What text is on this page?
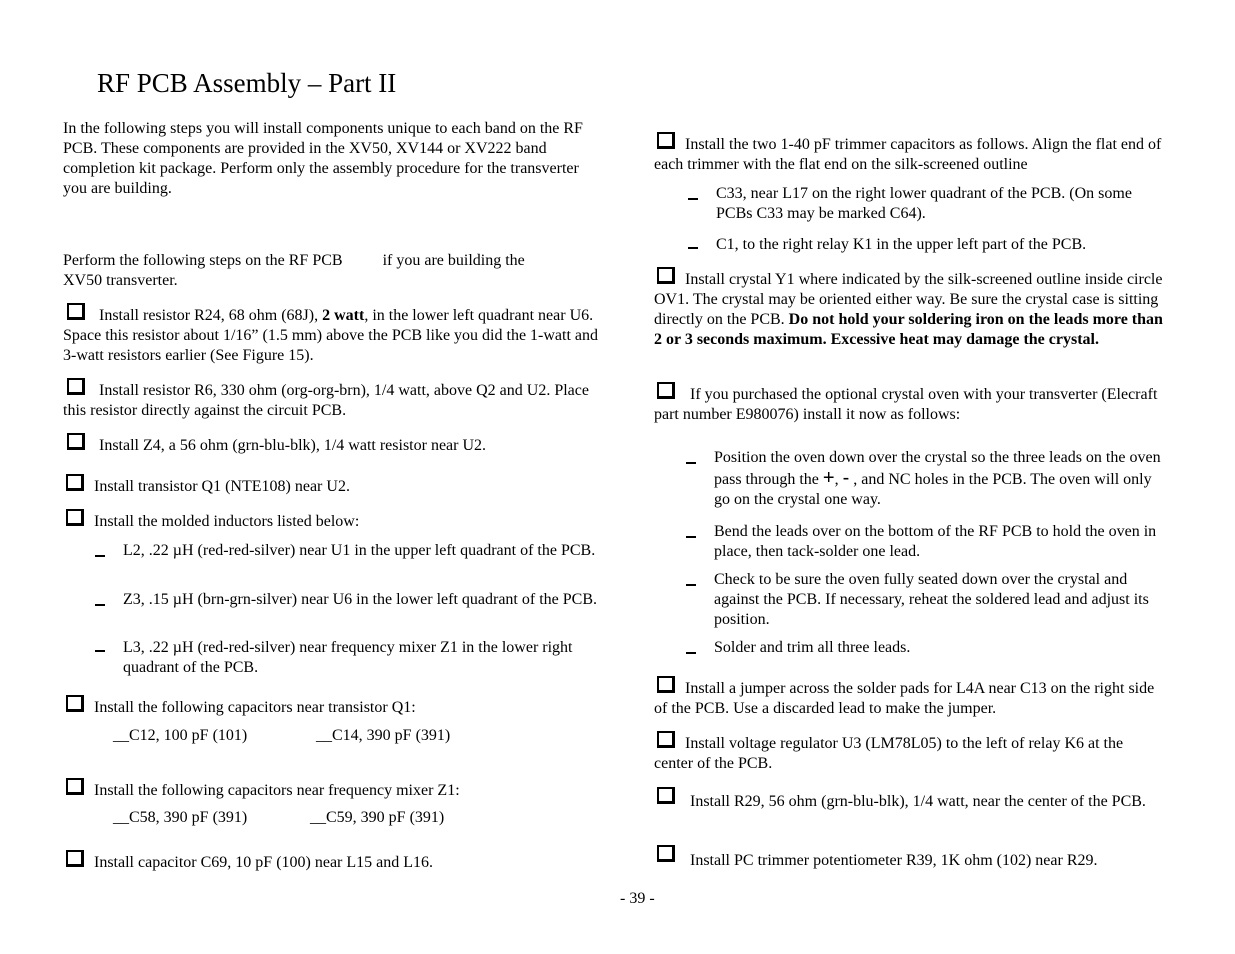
RF PCB Assembly – Part II
In the following steps you will install components unique to each band on the RF PCB. These components are provided in the XV50, XV144 or XV222 band completion kit package. Perform only the assembly procedure for the transverter you are building.
Perform the following steps on the RF PCB	if you are building the
XV50 transverter.
Install resistor R24, 68 ohm (68J), 2 watt, in the lower left quadrant near U6. Space this resistor about 1/16” (1.5 mm) above the PCB like you did the 1-watt and 3-watt resistors earlier (See Figure 15).
Install resistor R6, 330 ohm (org-org-brn), 1/4 watt, above Q2 and U2. Place this resistor directly against the circuit PCB.
Install Z4, a 56 ohm (grn-blu-blk), 1/4 watt resistor near U2.
Install transistor Q1 (NTE108) near U2.
Install the molded inductors listed below:
L2, .22 µH (red-red-silver) near U1 in the upper left quadrant of the PCB.
Z3, .15 µH (brn-grn-silver) near U6 in the lower left quadrant of the PCB.
L3, .22 µH (red-red-silver) near frequency mixer Z1 in the lower right quadrant of the PCB.
Install the following capacitors near transistor Q1:
__C12, 100 pF (101)	__C14, 390 pF (391)
Install the following capacitors near frequency mixer Z1:
__C58, 390 pF (391)	__C59, 390 pF (391)
Install capacitor C69, 10 pF (100) near L15 and L16.
Install the two 1-40 pF trimmer capacitors as follows. Align the flat end of each trimmer with the flat end on the silk-screened outline
C33, near L17 on the right lower quadrant of the PCB. (On some PCBs C33 may be marked C64).
C1, to the right relay K1 in the upper left part of the PCB.
Install crystal Y1 where indicated by the silk-screened outline inside circle OV1. The crystal may be oriented either way. Be sure the crystal case is sitting directly on the PCB. Do not hold your soldering iron on the leads more than 2 or 3 seconds maximum. Excessive heat may damage the crystal.
If you purchased the optional crystal oven with your transverter (Elecraft part number E980076) install it now as follows:
Position the oven down over the crystal so the three leads on the oven pass through the +, - , and NC holes in the PCB. The oven will only go on the crystal one way.
Bend the leads over on the bottom of the RF PCB to hold the oven in place, then tack-solder one lead.
Check to be sure the oven fully seated down over the crystal and against the PCB. If necessary, reheat the soldered lead and adjust its position.
Solder and trim all three leads.
Install a jumper across the solder pads for L4A near C13 on the right side of the PCB. Use a discarded lead to make the jumper.
Install voltage regulator U3 (LM78L05) to the left of relay K6 at the center of the PCB.
Install R29, 56 ohm (grn-blu-blk), 1/4 watt, near the center of the PCB.
Install PC trimmer potentiometer R39, 1K ohm (102) near R29.
- 39 -
